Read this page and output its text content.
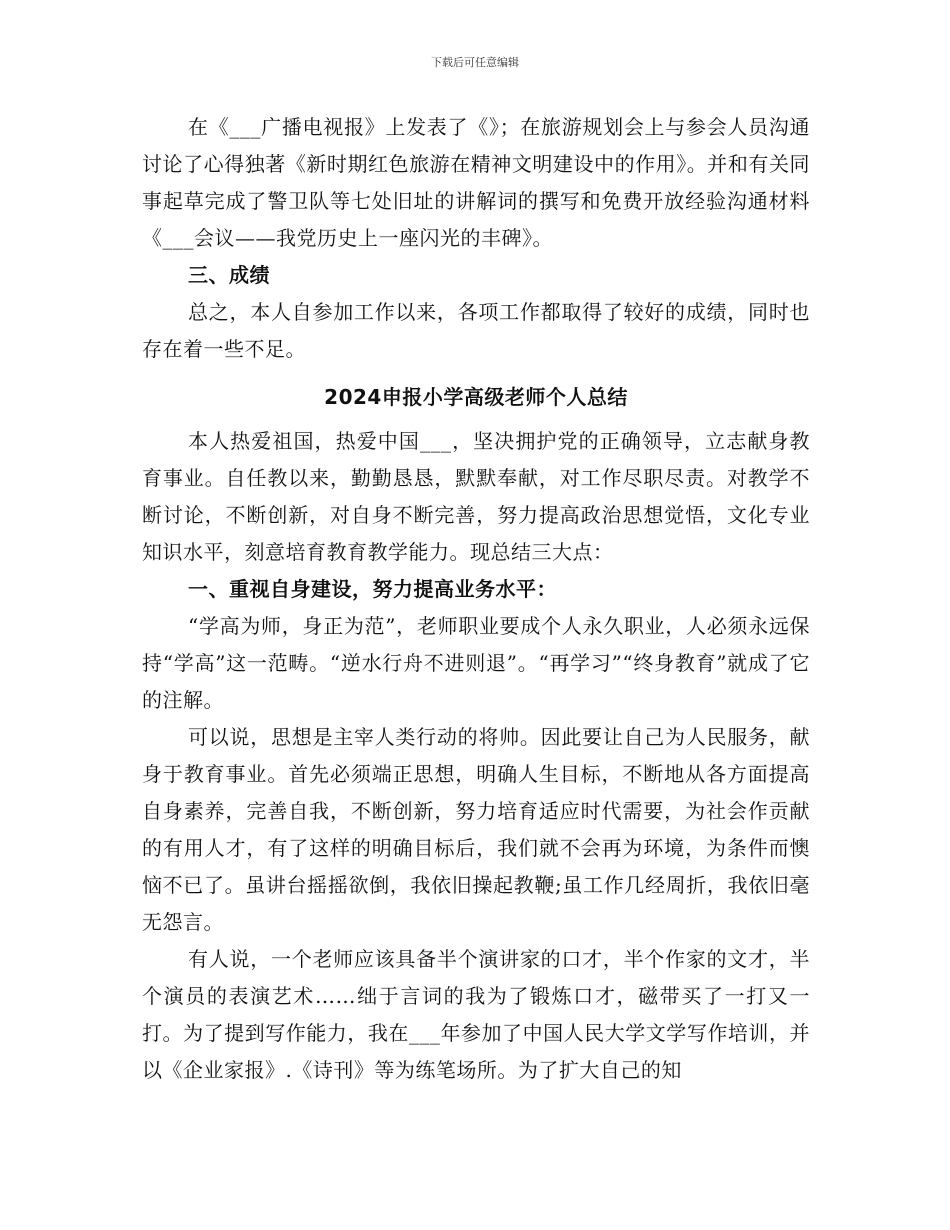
下载后可任意编辑

在《___广播电视报》上发表了《》；在旅游规划会上与参会人员沟通讨论了心得独著《新时期红色旅游在精神文明建设中的作用》。并和有关同事起草完成了警卫队等七处旧址的讲解词的撰写和免费开放经验沟通材料《___会议——我党历史上一座闪光的丰碑》。

三、成绩

总之，本人自参加工作以来，各项工作都取得了较好的成绩，同时也存在着一些不足。

2024申报小学高级老师个人总结

本人热爱祖国，热爱中国___，坚决拥护党的正确领导，立志献身教育事业。自任教以来，勤勤恳恳，默默奉献，对工作尽职尽责。对教学不断讨论，不断创新，对自身不断完善，努力提高政治思想觉悟，文化专业知识水平，刻意培育教育教学能力。现总结三大点：

一、重视自身建设，努力提高业务水平：

“学高为师，身正为范”，老师职业要成个人永久职业，人必须永远保持“学高”这一范畴。“逆水行舟不进则退”。“再学习”“终身教育”就成了它的注解。

可以说，思想是主宰人类行动的将帅。因此要让自己为人民服务，献身于教育事业。首先必须端正思想，明确人生目标，不断地从各方面提高自身素养，完善自我，不断创新，努力培育适应时代需要，为社会作贡献的有用人才，有了这样的明确目标后，我们就不会再为环境，为条件而懊恼不已了。虽讲台摇摇欲倒，我依旧操起教鞭;虽工作几经周折，我依旧毫无怨言。

有人说，一个老师应该具备半个演讲家的口才，半个作家的文才，半个演员的表演艺术……绌于言词的我为了锻炼口才，磁带买了一打又一打。为了提到写作能力，我在___年参加了中国人民大学文学写作培训，并以《企业家报》.《诗刊》等为练笔场所。为了扩大自己的知
